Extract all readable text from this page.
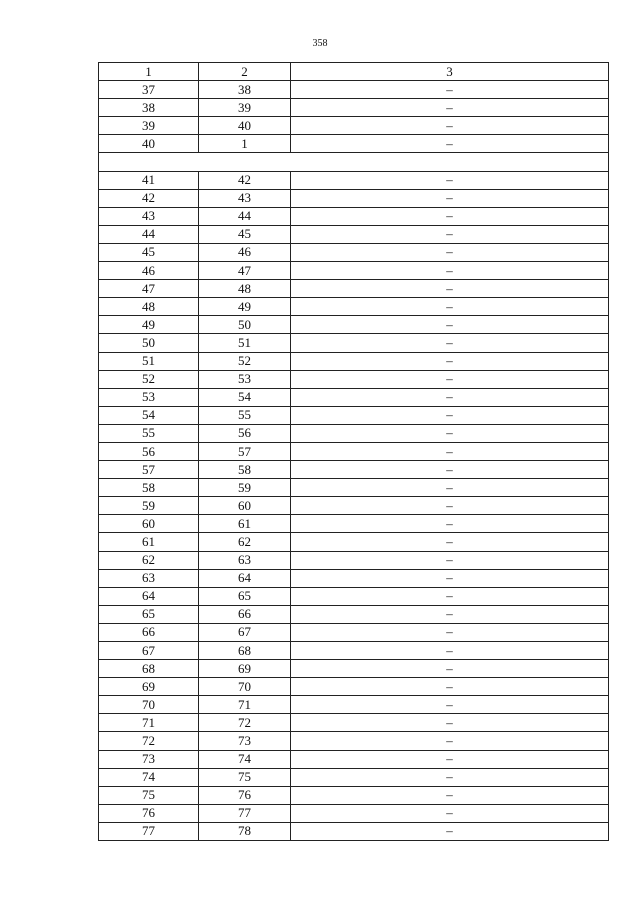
358
1	2	3
37	38	–
38	39	–
39	40	–
40	1	–

41	42	–
42	43	–
43	44	–
44	45	–
45	46	–
46	47	–
47	48	–
48	49	–
49	50	–
50	51	–
51	52	–
52	53	–
53	54	–
54	55	–
55	56	–
56	57	–
57	58	–
58	59	–
59	60	–
60	61	–
61	62	–
62	63	–
63	64	–
64	65	–
65	66	–
66	67	–
67	68	–
68	69	–
69	70	–
70	71	–
71	72	–
72	73	–
73	74	–
74	75	–
75	76	–
76	77	–
77	78	–
